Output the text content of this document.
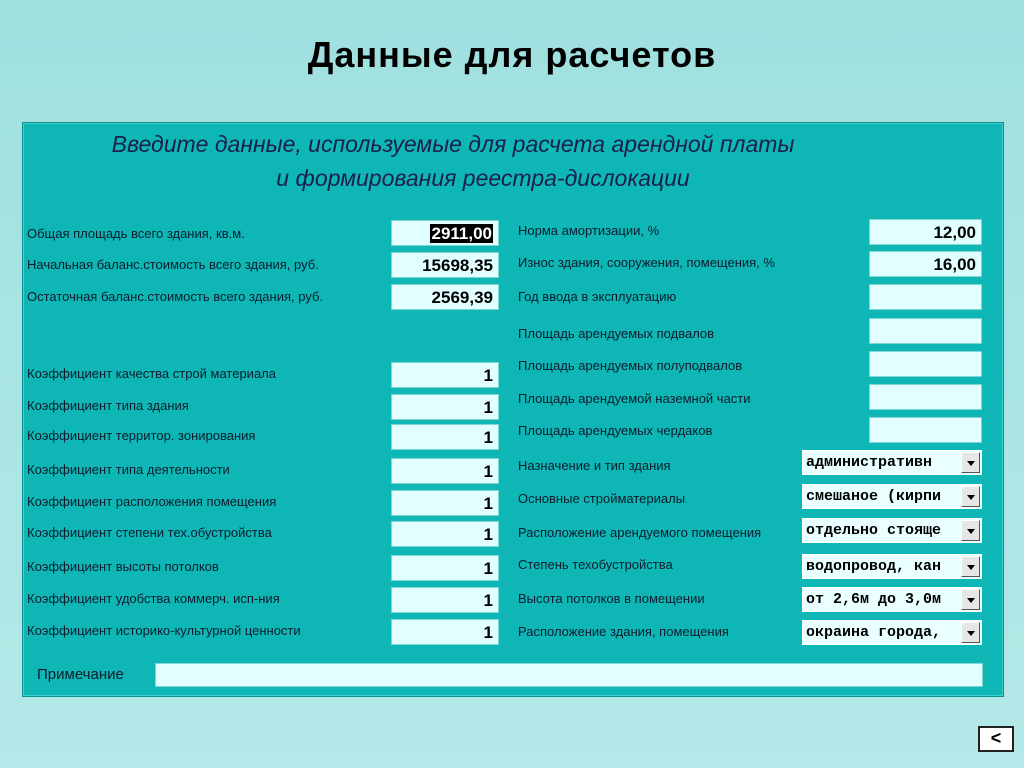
Данные для расчетов
Введите данные, используемые для расчета арендной платы
и формирования реестра-дислокации
Общая площадь всего здания, кв.м.	2911,00
Начальная баланс.стоимость всего здания, руб.	15698,35
Остаточная баланс.стоимость всего здания, руб.	2569,39
Коэффициент качества строй материала	1
Коэффициент типа здания	1
Коэффициент территор. зонирования	1
Коэффициент типа деятельности	1
Коэффициент расположения помещения	1
Коэффициент степени тех.обустройства	1
Коэффициент высоты потолков	1
Коэффициент удобства коммерч. исп-ния	1
Коэффициент историко-культурной ценности	1
Норма амортизации, %	12,00
Износ здания, сооружения, помещения, %	16,00
Год ввода в эксплуатацию
Площадь арендуемых подвалов
Площадь арендуемых полуподвалов
Площадь арендуемой наземной части
Площадь арендуемых чердаков
Назначение и тип здания	административн
Основные стройматериалы	смешаное (кирпи
Расположение арендуемого помещения	отдельно стояще
Степень техобустройства	водопровод, кан
Высота потолков в помещении	от 2,6м до 3,0м
Расположение здания, помещения	окраина города,
Примечание
<
